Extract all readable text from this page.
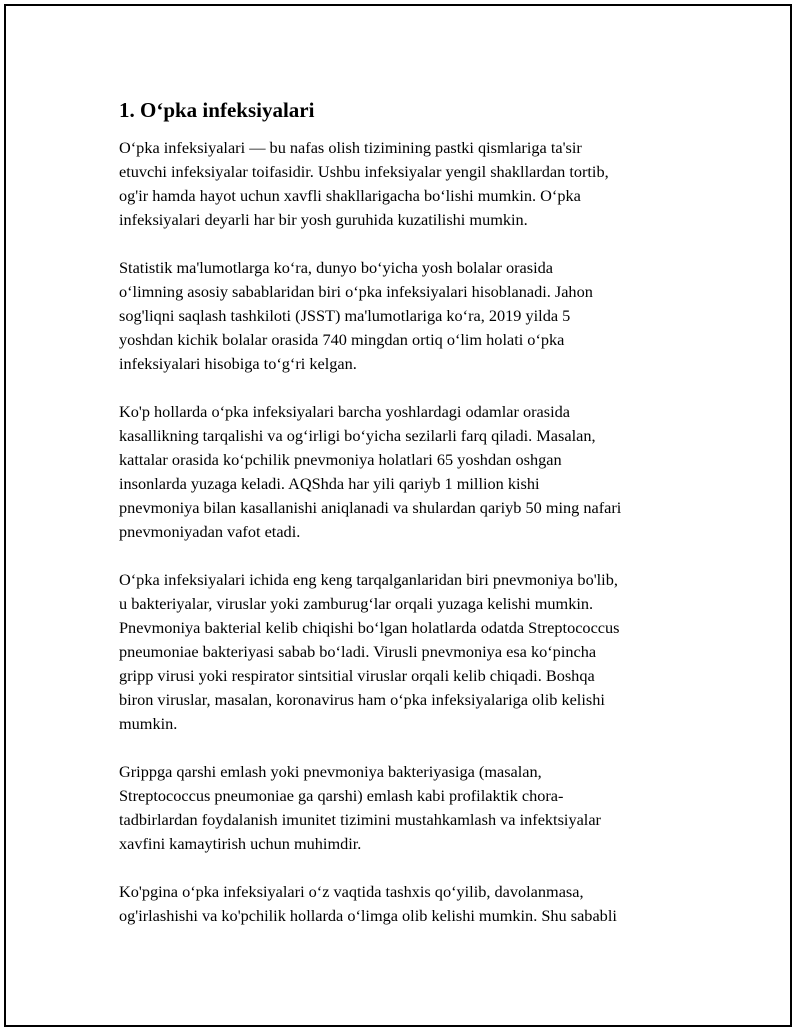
1. O‘pka infeksiyalari

O‘pka infeksiyalari — bu nafas olish tizimining pastki qismlariga ta'sir
etuvchi infeksiyalar toifasidir. Ushbu infeksiyalar yengil shakllardan tortib,
og'ir hamda hayot uchun xavfli shakllarigacha bo‘lishi mumkin. O‘pka
infeksiyalari deyarli har bir yosh guruhida kuzatilishi mumkin.

Statistik ma'lumotlarga ko‘ra, dunyo bo‘yicha yosh bolalar orasida
o‘limning asosiy sabablaridan biri o‘pka infeksiyalari hisoblanadi. Jahon
sog'liqni saqlash tashkiloti (JSST) ma'lumotlariga ko‘ra, 2019 yilda 5
yoshdan kichik bolalar orasida 740 mingdan ortiq o‘lim holati o‘pka
infeksiyalari hisobiga to‘g‘ri kelgan.

Ko'p hollarda o‘pka infeksiyalari barcha yoshlardagi odamlar orasida
kasallikning tarqalishi va og‘irligi bo‘yicha sezilarli farq qiladi. Masalan,
kattalar orasida ko‘pchilik pnevmoniya holatlari 65 yoshdan oshgan
insonlarda yuzaga keladi. AQShda har yili qariyb 1 million kishi
pnevmoniya bilan kasallanishi aniqlanadi va shulardan qariyb 50 ming nafari
pnevmoniyadan vafot etadi.

O‘pka infeksiyalari ichida eng keng tarqalganlaridan biri pnevmoniya bo'lib,
u bakteriyalar, viruslar yoki zamburug‘lar orqali yuzaga kelishi mumkin.
Pnevmoniya bakterial kelib chiqishi bo‘lgan holatlarda odatda Streptococcus
pneumoniae bakteriyasi sabab bo‘ladi. Virusli pnevmoniya esa ko‘pincha
gripp virusi yoki respirator sintsitial viruslar orqali kelib chiqadi. Boshqa
biron viruslar, masalan, koronavirus ham o‘pka infeksiyalariga olib kelishi
mumkin.

Grippga qarshi emlash yoki pnevmoniya bakteriyasiga (masalan,
Streptococcus pneumoniae ga qarshi) emlash kabi profilaktik chora-
tadbirlardan foydalanish imunitet tizimini mustahkamlash va infektsiyalar
xavfini kamaytirish uchun muhimdir.

Ko'pgina o‘pka infeksiyalari o‘z vaqtida tashxis qo‘yilib, davolanmasa,
og'irlashishi va ko'pchilik hollarda o‘limga olib kelishi mumkin. Shu sababli
